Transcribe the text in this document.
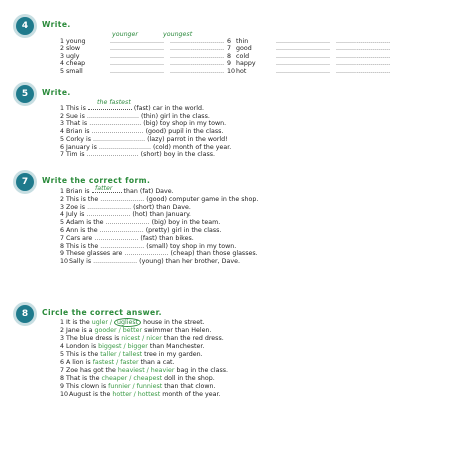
4	Write.
younger	youngest
1 young	........................... ...........................
2 slow	........................... ...........................
3 ugly	........................... ...........................
4 cheap	........................... ...........................
5 small	........................... ...........................
6 thin	........................... ...........................
7 good	........................... ...........................
8 cold	........................... ...........................
9 happy	........................... ...........................
10hot	........................... ...........................
5	Write.
the fastest
1 This is	(fast) car in the world.
2 Sue is .......................... (thin) girl in the class.
3 That is .......................... (big) toy shop in my town.
4 Brian is .......................... (good) pupil in the class.
5 Corky is .......................... (lazy) parrot in the world!
6 January is .......................... (cold) month of the year.
7 Tim is .......................... (short) boy in the class.
7	Write the correct form.
fatter
1 Brian is	than (fat) Dave.
2 This is the ...................... (good) computer game in the shop.
3 Zoe is ...................... (short) than Dave.
4 July is ...................... (hot) than January.
5 Adam is the ...................... (big) boy in the team.
6 Ann is the ...................... (pretty) girl in the class.
7 Cars are ...................... (fast) than bikes.
8 This is the ...................... (small) toy shop in my town.
9 These glasses are ...................... (cheap) than those glasses.
10Sally is ...................... (young) than her brother, Dave.
8	Circle the correct answer.
1 It is the ugler / ugliest house in the street.
2 Jane is a gooder / better swimmer than Helen.
3 The blue dress is nicest / nicer than the red dress.
4 London is biggest / bigger than Manchester.
5 This is the taller / tallest tree in my garden.
6 A lion is fastest / faster than a cat.
7 Zoe has got the heaviest / heavier bag in the class.
8 That is the cheaper / cheapest doll in the shop.
9 This clown is funnier / funniest than that clown.
10August is the hotter / hottest month of the year.
